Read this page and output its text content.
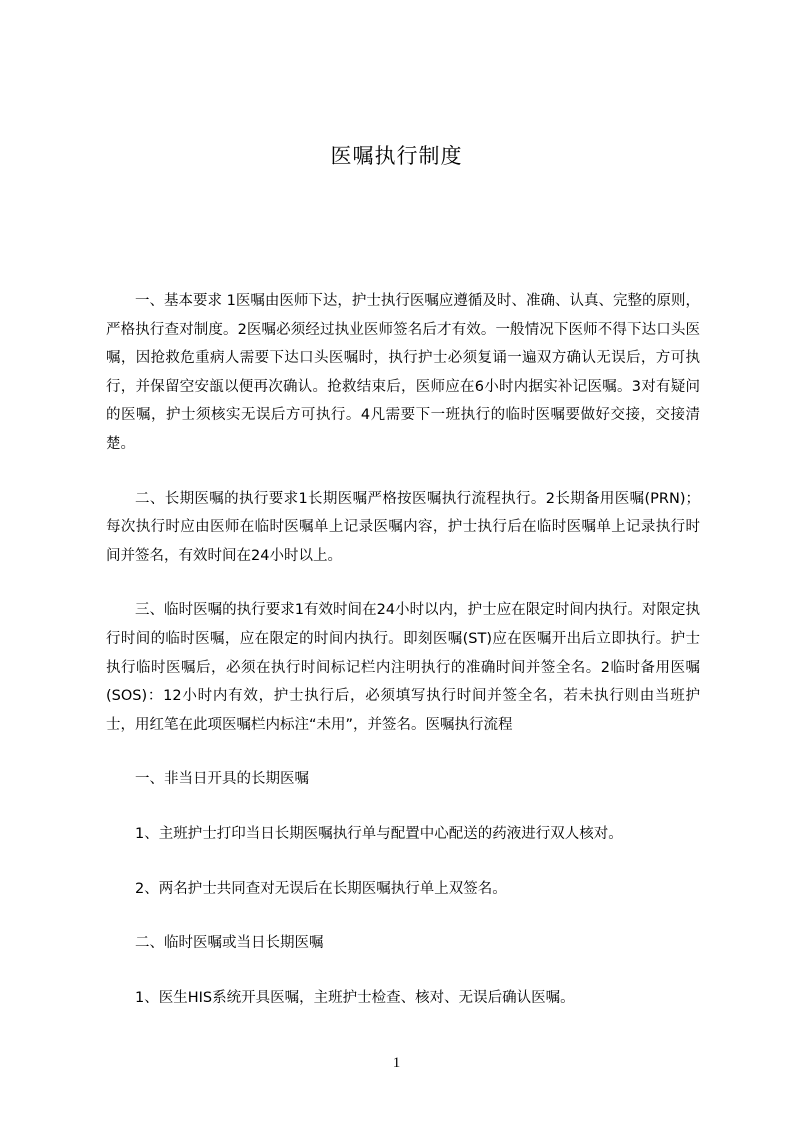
医嘱执行制度

一、基本要求 1医嘱由医师下达，护士执行医嘱应遵循及时、准确、认真、完整的原则，严格执行查对制度。2医嘱必须经过执业医师签名后才有效。一般情况下医师不得下达口头医嘱，因抢救危重病人需要下达口头医嘱时，执行护士必须复诵一遍双方确认无误后，方可执行，并保留空安瓿以便再次确认。抢救结束后，医师应在6小时内据实补记医嘱。3对有疑问的医嘱，护士须核实无误后方可执行。4凡需要下一班执行的临时医嘱要做好交接，交接清楚。

二、长期医嘱的执行要求1长期医嘱严格按医嘱执行流程执行。2长期备用医嘱(PRN)；每次执行时应由医师在临时医嘱单上记录医嘱内容，护士执行后在临时医嘱单上记录执行时间并签名，有效时间在24小时以上。

三、临时医嘱的执行要求1有效时间在24小时以内，护士应在限定时间内执行。对限定执行时间的临时医嘱，应在限定的时间内执行。即刻医嘱(ST)应在医嘱开出后立即执行。护士执行临时医嘱后，必须在执行时间标记栏内注明执行的准确时间并签全名。2临时备用医嘱(SOS)：12小时内有效，护士执行后，必须填写执行时间并签全名，若未执行则由当班护士，用红笔在此项医嘱栏内标注“未用”，并签名。医嘱执行流程

一、非当日开具的长期医嘱

1、主班护士打印当日长期医嘱执行单与配置中心配送的药液进行双人核对。

2、两名护士共同查对无误后在长期医嘱执行单上双签名。

二、临时医嘱或当日长期医嘱

1、医生HIS系统开具医嘱，主班护士检查、核对、无误后确认医嘱。

1
